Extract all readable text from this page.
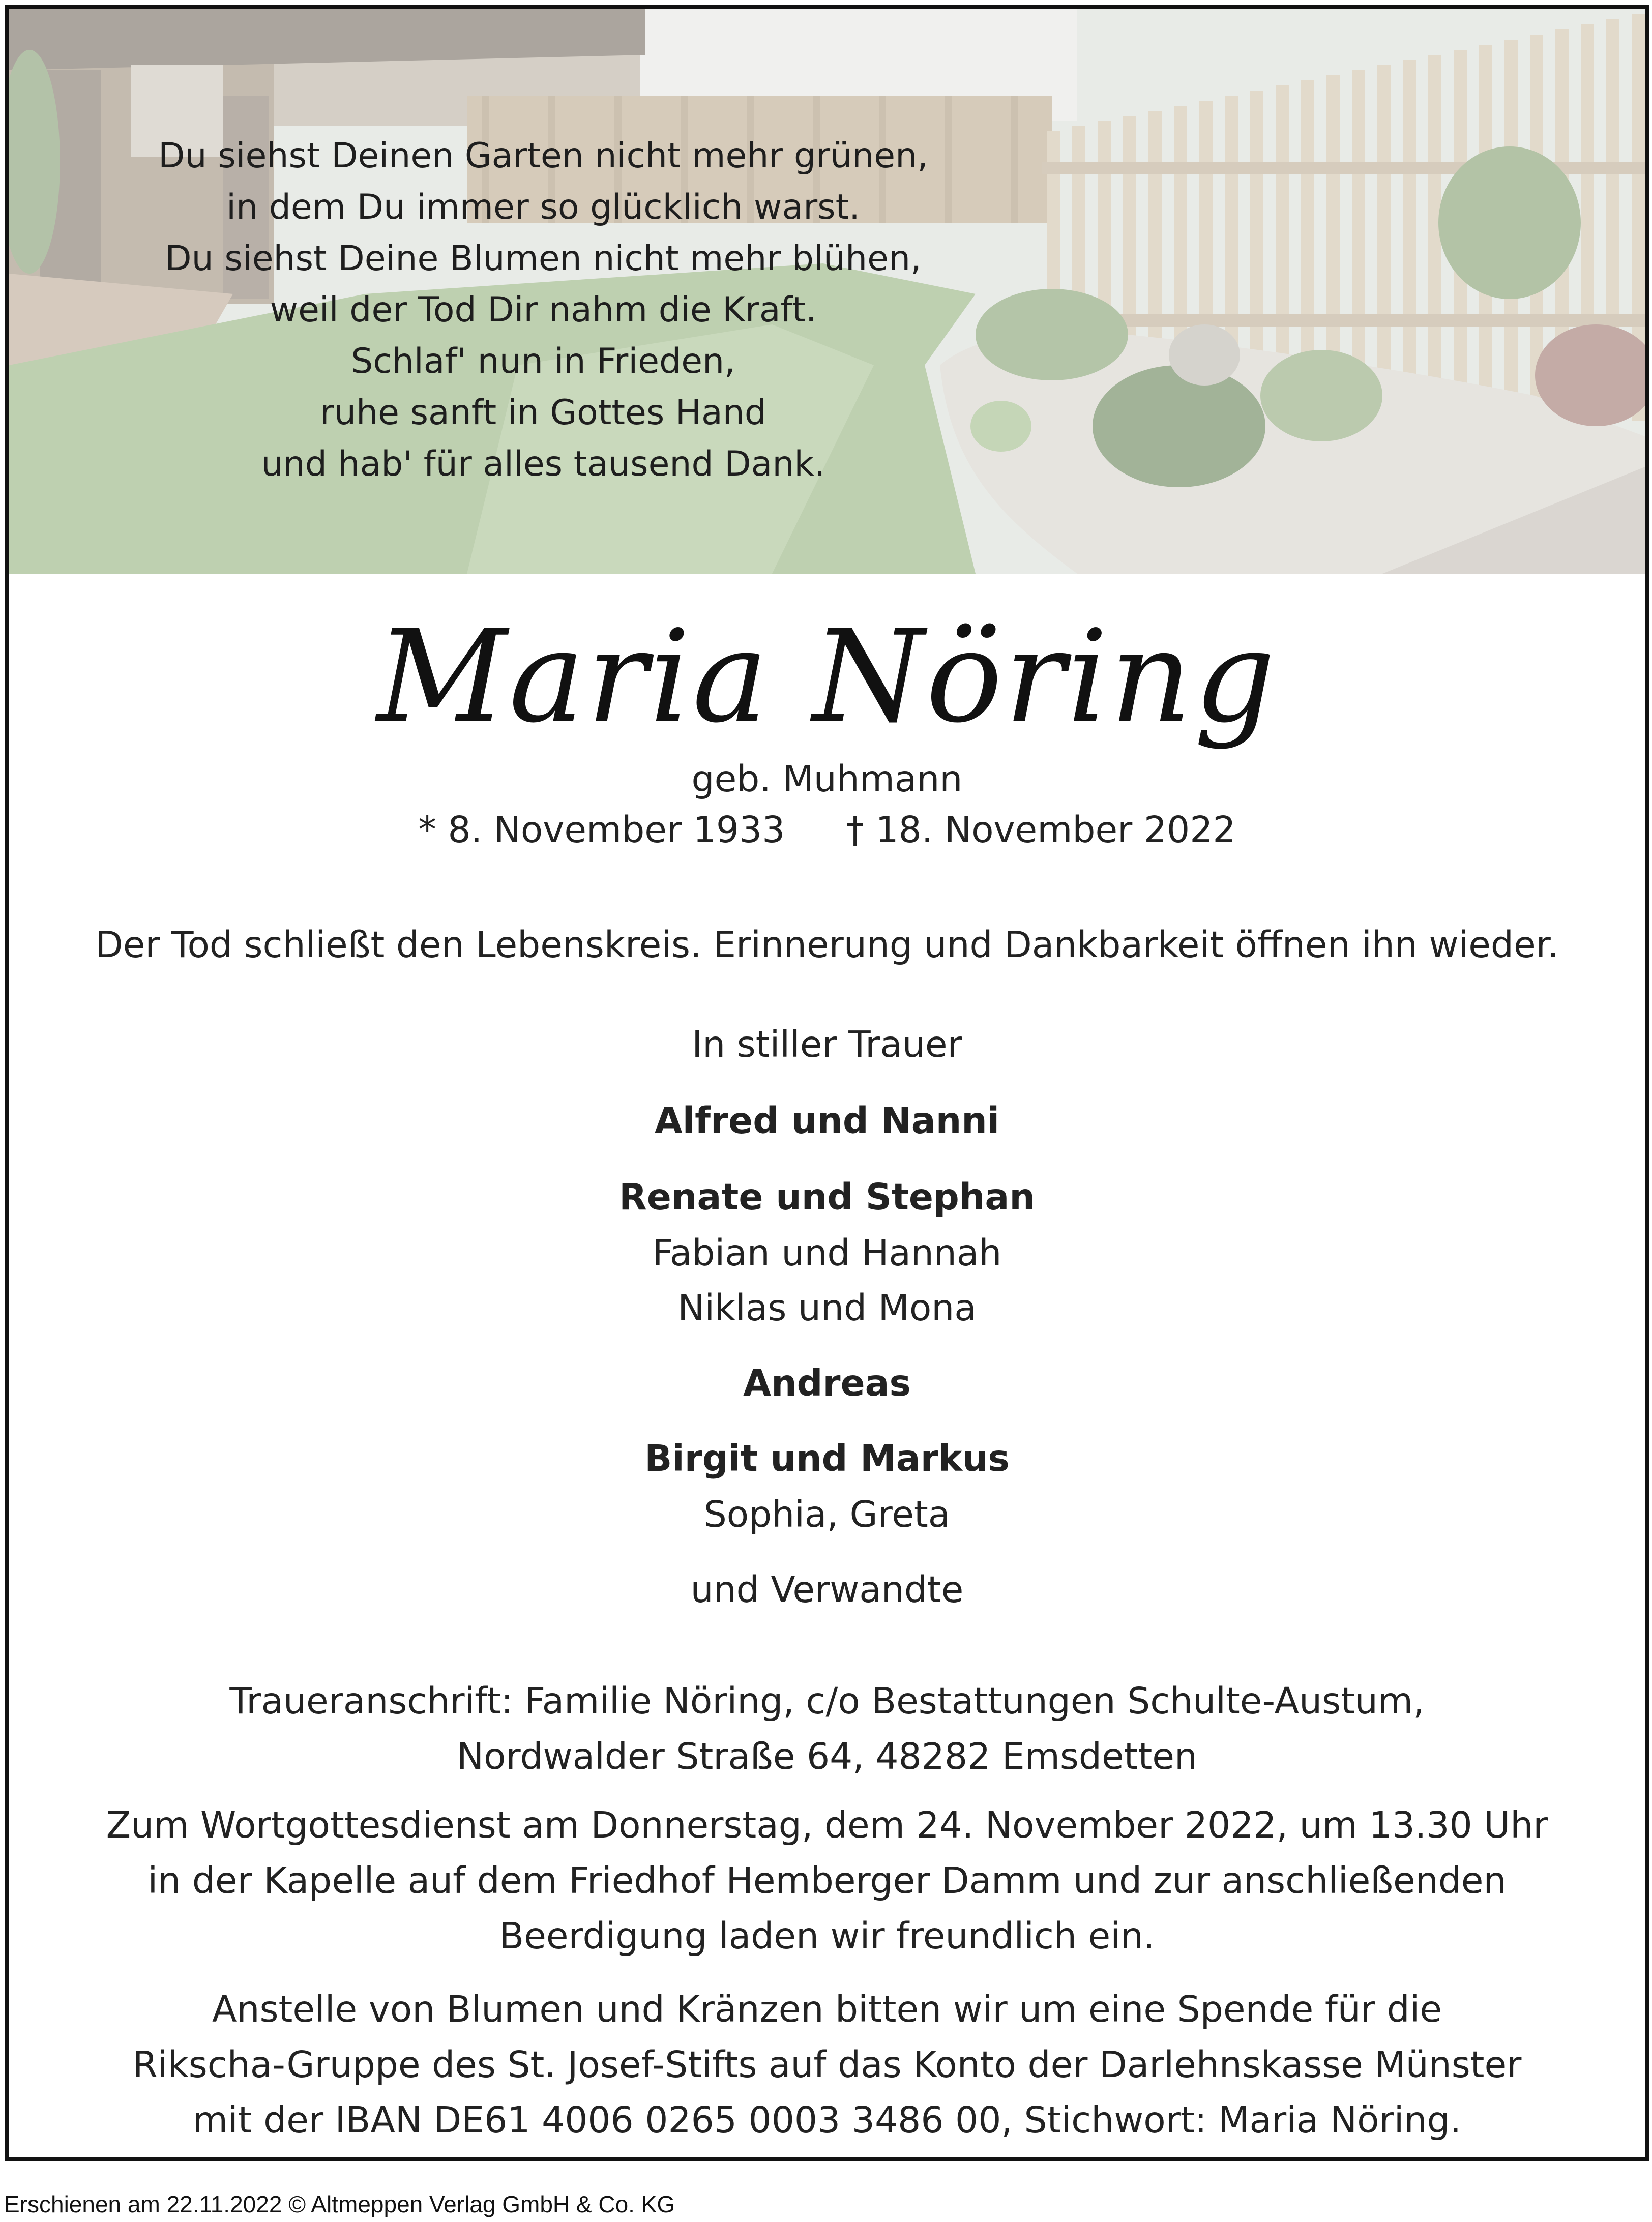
Du siehst Deinen Garten nicht mehr grünen,
in dem Du immer so glücklich warst.
Du siehst Deine Blumen nicht mehr blühen,
weil der Tod Dir nahm die Kraft.
Schlaf' nun in Frieden,
ruhe sanft in Gottes Hand
und hab' für alles tausend Dank.
Maria Nöring
geb. Muhmann
* 8. November 1933 † 18. November 2022
Der Tod schließt den Lebenskreis. Erinnerung und Dankbarkeit öffnen ihn wieder.
In stiller Trauer
Alfred und Nanni
Renate und Stephan
Fabian und Hannah
Niklas und Mona
Andreas
Birgit und Markus
Sophia, Greta
und Verwandte
Traueranschrift: Familie Nöring, c/o Bestattungen Schulte-Austum,
Nordwalder Straße 64, 48282 Emsdetten
Zum Wortgottesdienst am Donnerstag, dem 24. November 2022, um 13.30 Uhr
in der Kapelle auf dem Friedhof Hemberger Damm und zur anschließenden
Beerdigung laden wir freundlich ein.
Anstelle von Blumen und Kränzen bitten wir um eine Spende für die
Rikscha-Gruppe des St. Josef-Stifts auf das Konto der Darlehnskasse Münster
mit der IBAN DE61 4006 0265 0003 3486 00, Stichwort: Maria Nöring.
Erschienen am 22.11.2022 © Altmeppen Verlag GmbH & Co. KG
